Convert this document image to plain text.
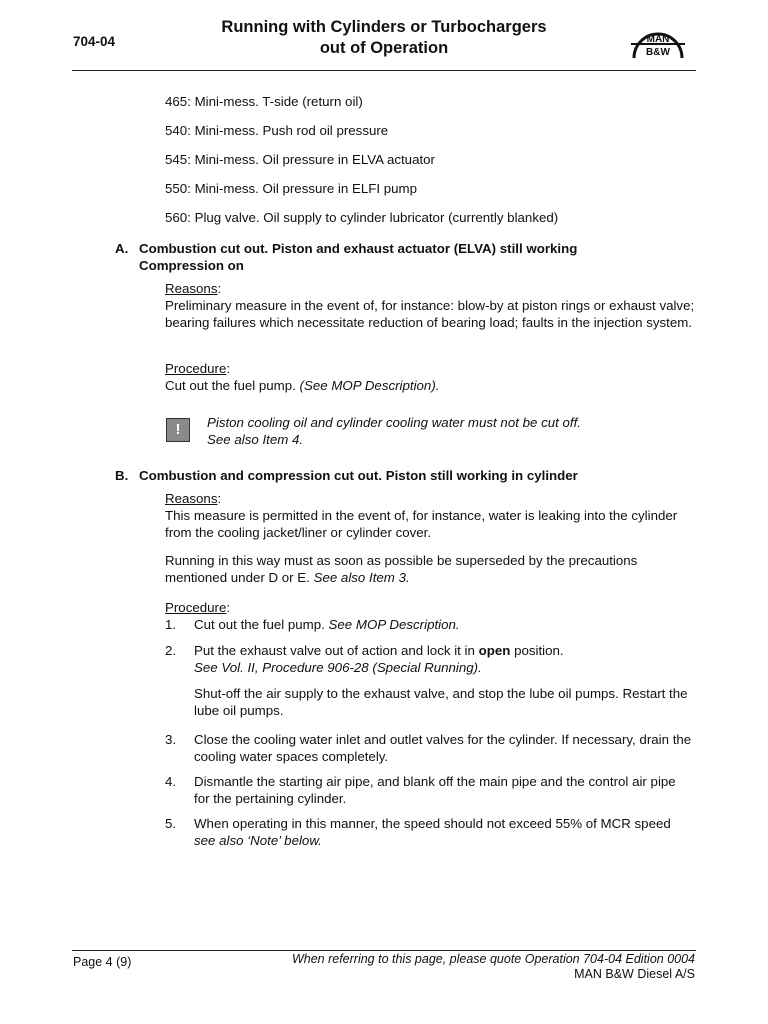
704-04
Running with Cylinders or Turbochargers
out of Operation	MAN
B&W
465: Mini-mess. T-side (return oil)
540: Mini-mess. Push rod oil pressure
545: Mini-mess. Oil pressure in ELVA actuator
550: Mini-mess. Oil pressure in ELFI pump
560: Plug valve. Oil supply to cylinder lubricator (currently blanked)
A. Combustion cut out. Piston and exhaust actuator (ELVA) still working Compression on
Reasons:
Preliminary measure in the event of, for instance: blow-by at piston rings or exhaust valve; bearing failures which necessitate reduction of bearing load; faults in the injection system.
Procedure:
Cut out the fuel pump. (See MOP Description).
!	Piston cooling oil and cylinder cooling water must not be cut off.
See also Item 4.
B. Combustion and compression cut out. Piston still working in cylinder
Reasons:
This measure is permitted in the event of, for instance, water is leaking into the cylinder from the cooling jacket/liner or cylinder cover.
Running in this way must as soon as possible be superseded by the precautions mentioned under D or E. See also Item 3.
Procedure:
1. Cut out the fuel pump. See MOP Description.
2. Put the exhaust valve out of action and lock it in open position.
See Vol. II, Procedure 906-28 (Special Running).
Shut-off the air supply to the exhaust valve, and stop the lube oil pumps. Restart the lube oil pumps.
3. Close the cooling water inlet and outlet valves for the cylinder. If necessary, drain the cooling water spaces completely.
4. Dismantle the starting air pipe, and blank off the main pipe and the control air pipe for the pertaining cylinder.
5. When operating in this manner, the speed should not exceed 55% of MCR speed see also ‘Note’ below.
Page 4 (9)	When referring to this page, please quote Operation 704-04 Edition 0004
MAN B&W Diesel A/S
